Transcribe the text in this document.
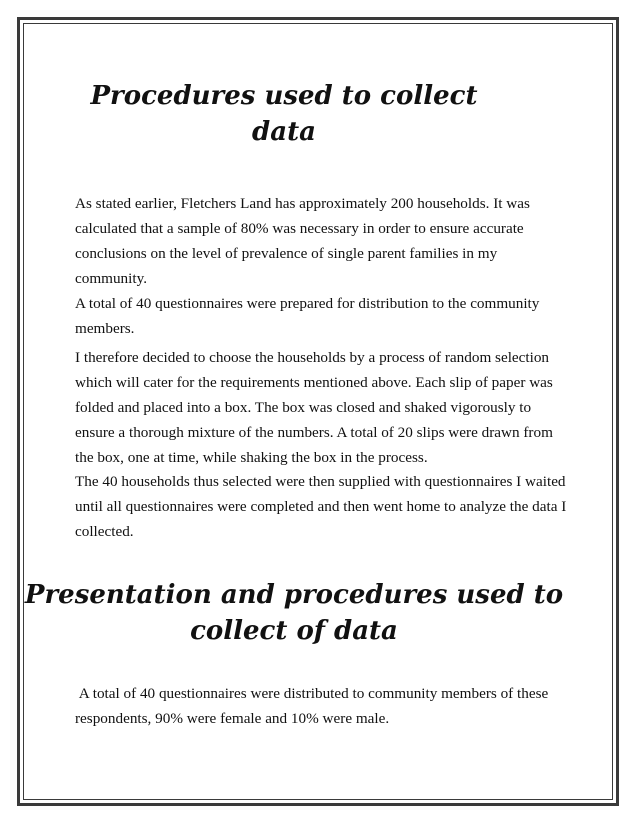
Procedures used to collect
data

As stated earlier, Fletchers Land has approximately 200 households. It was calculated that a sample of 80% was necessary in order to ensure accurate conclusions on the level of prevalence of single parent families in my community.

A total of 40 questionnaires were prepared for distribution to the community members.

I therefore decided to choose the households by a process of random selection which will cater for the requirements mentioned above. Each slip of paper was folded and placed into a box. The box was closed and shaked vigorously to ensure a thorough mixture of the numbers. A total of 20 slips were drawn from the box, one at time, while shaking the box in the process.

The 40 households thus selected were then supplied with questionnaires I waited until all questionnaires were completed and then went home to analyze the data I collected.

Presentation and procedures used to
collect of data

A total of 40 questionnaires were distributed to community members of these respondents, 90% were female and 10% were male.
